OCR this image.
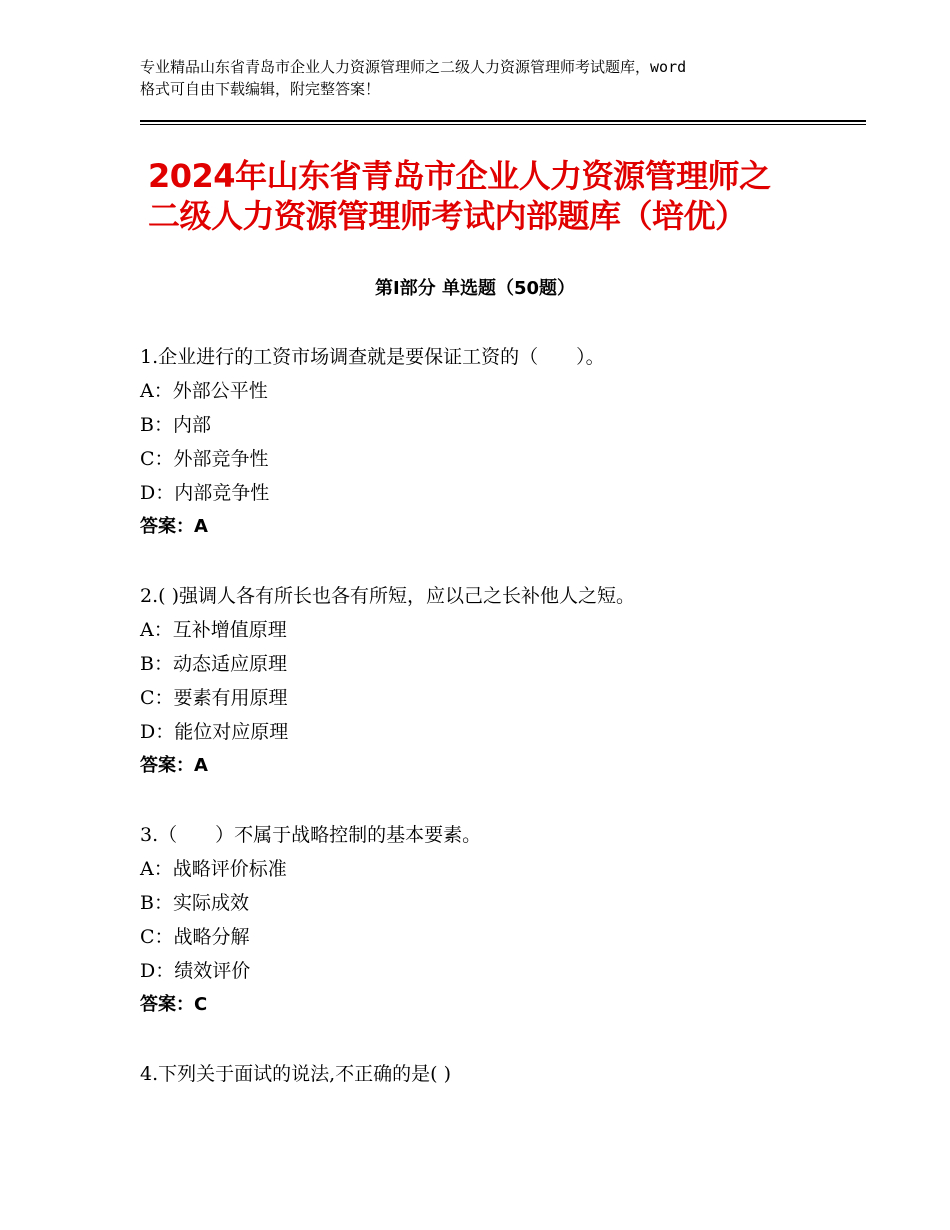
专业精品山东省青岛市企业人力资源管理师之二级人力资源管理师考试题库，word
格式可自由下载编辑，附完整答案！
2024年山东省青岛市企业人力资源管理师之
二级人力资源管理师考试内部题库（培优）
第Ⅰ部分 单选题（50题）
1.企业进行的工资市场调查就是要保证工资的（　　）。
A：外部公平性
B：内部
C：外部竞争性
D：内部竞争性
答案：A
2.( )强调人各有所长也各有所短，应以己之长补他人之短。
A：互补增值原理
B：动态适应原理
C：要素有用原理
D：能位对应原理
答案：A
3.（　　）不属于战略控制的基本要素。
A：战略评价标准
B：实际成效
C：战略分解
D：绩效评价
答案：C
4.下列关于面试的说法,不正确的是( )
